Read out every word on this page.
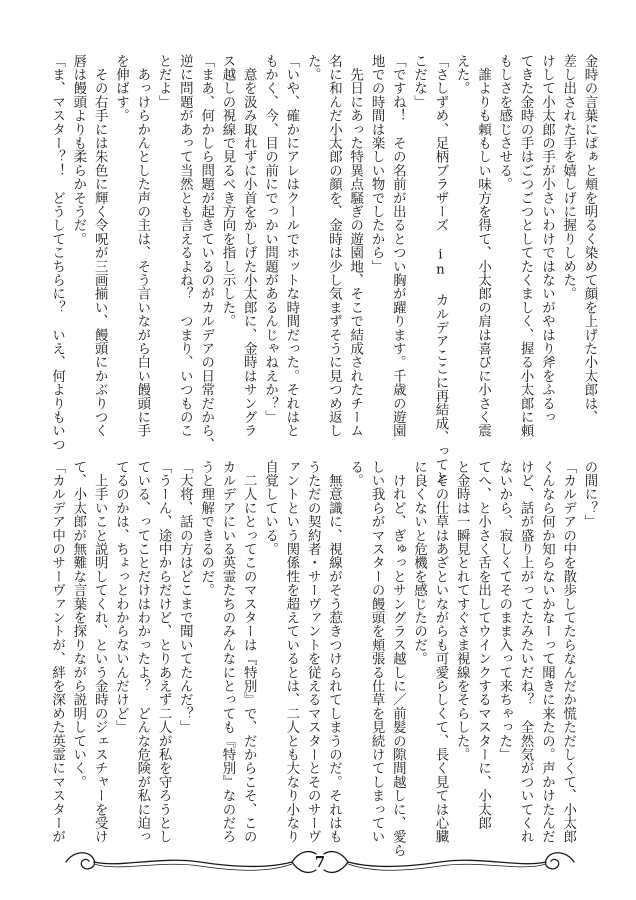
金時の言葉にぱぁと頬を明るく染めて顔を上げた小太郎は、

差し出された手を嬉しげに握りしめた。

けして小太郎の手が小さいわけではないがやはり斧をふるっ

てきた金時の手はごつごつとしてたくましく、握る小太郎に頼

もしさを感じさせる。

　誰よりも頼もしい味方を得て、小太郎の肩は喜びに小さく震

えた。

「さしずめ、足柄ブラザーズ in カルデアここに再結成、ってと

こだな」

「ですね！　その名前が出るとつい胸が躍ります。千歳の遊園

地での時間は楽しい物でしたから」

　先日にあった特異点騒ぎの遊園地、そこで結成されたチーム

名に和んだ小太郎の顔を、金時は少し気まずそうに見つめ返し

た。

「いや、確かにアレはクールでホットな時間だった。それはと

もかく、今、目の前にでっかい問題があるんじゃねえか？」

　意を汲み取れずに小首をかしげた小太郎に、金時はサングラ

ス越しの視線で見るべき方向を指し示した。

「まあ、何かしら問題が起きているのがカルデアの日常だから、

逆に問題があって当然とも言えるよね？　つまり、いつものこ

とだよ」

　あっけらかんとした声の主は、そう言いながら白い饅頭に手

を伸ばす。

　その右手には朱色に輝く令呪が三画揃い、饅頭にかぶりつく

唇は饅頭よりも柔らかそうだ。

「ま、マスター？！　どうしてこちらに？　いえ、何よりもいつ

の間に？」

「カルデアの中を散歩してたらなんだか慌ただしくて、小太郎

くんなら何か知らないかなーって聞きに来たの。声かけたんだ

けど、話が盛り上がってたみたいだね？　全然気がついてくれ

ないから、寂しくてそのまま入って来ちゃった」

てへ、と小さく舌を出してウインクするマスターに、小太郎

と金時は一瞬見とれてすぐさま視線をそらした。

　その仕草はあざといながらも可愛らしくて、長く見ては心臓

に良くないと危機を感じたのだ。

　けれど、ぎゅっとサングラス越しに／前髪の隙間越しに、愛ら

しい我らがマスターの饅頭を頬張る仕草を見続けてしまってい

る。

　無意識に、視線がそう惹きつけられてしまうのだ。それはも

うただの契約者・サーヴァントを従えるマスターとそのサーヴ

ァントという関係性を超えているとは、二人とも大なり小なり

自覚している。

　二人にとってこのマスターは『特別』で、だからこそ、この

カルデアにいる英霊たちのみんなにとっても『特別』なのだろ

うと理解できるのだ。

「大将、話の方はどこまで聞いてたんだ？」

「うーん、途中からだけど、とりあえず二人が私を守ろうとし

ている、ってことだけはわかったよ？　どんな危険が私に迫っ

てるのかは、ちょっとわからないんだけど」

　上手いこと説明してくれ、という金時のジェスチャーを受け

て、小太郎が無難な言葉を探りながら説明していく。

「カルデア中のサーヴァントが、絆を深めた英霊にマスターが

7
